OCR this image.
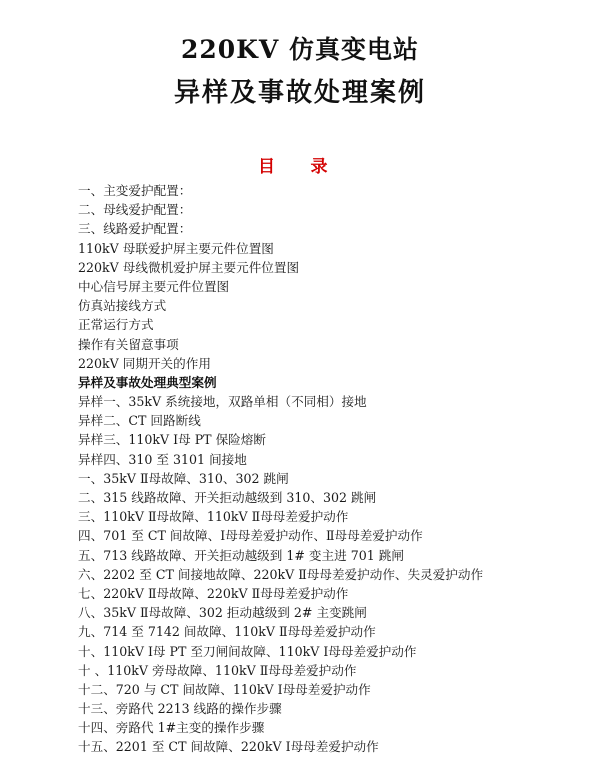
220KV 仿真变电站
异样及事故处理案例
目      录
一、主变爱护配置：
二、母线爱护配置：
三、线路爱护配置：
110kV 母联爱护屏主要元件位置图
220kV 母线微机爱护屏主要元件位置图
中心信号屏主要元件位置图
仿真站接线方式
正常运行方式
操作有关留意事项
220kV 同期开关的作用
异样及事故处理典型案例
异样一、35kV 系统接地，双路单相（不同相）接地
异样二、CT 回路断线
异样三、110kV Ⅰ母 PT 保险熔断
异样四、310 至 3101 间接地
一、35kV Ⅱ母故障、310、302 跳闸
二、315 线路故障、开关拒动越级到 310、302 跳闸
三、110kV Ⅱ母故障、110kV Ⅱ母母差爱护动作
四、701 至 CT 间故障、Ⅰ母母差爱护动作、Ⅱ母母差爱护动作
五、713 线路故障、开关拒动越级到 1# 变主进 701 跳闸
六、2202 至 CT 间接地故障、220kV Ⅱ母母差爱护动作、失灵爱护动作
七、220kV Ⅱ母故障、220kV Ⅱ母母差爱护动作
八、35kV Ⅱ母故障、302 拒动越级到 2# 主变跳闸
九、714 至 7142 间故障、110kV Ⅱ母母差爱护动作
十、110kV Ⅰ母 PT 至刀闸间故障、110kV Ⅰ母母差爱护动作
十 、110kV 旁母故障、110kV Ⅱ母母差爱护动作
十二、720 与 CT 间故障、110kV Ⅰ母母差爱护动作
十三、旁路代 2213 线路的操作步骤
十四、旁路代 1#主变的操作步骤
十五、2201 至 CT 间故障、220kV Ⅰ母母差爱护动作
